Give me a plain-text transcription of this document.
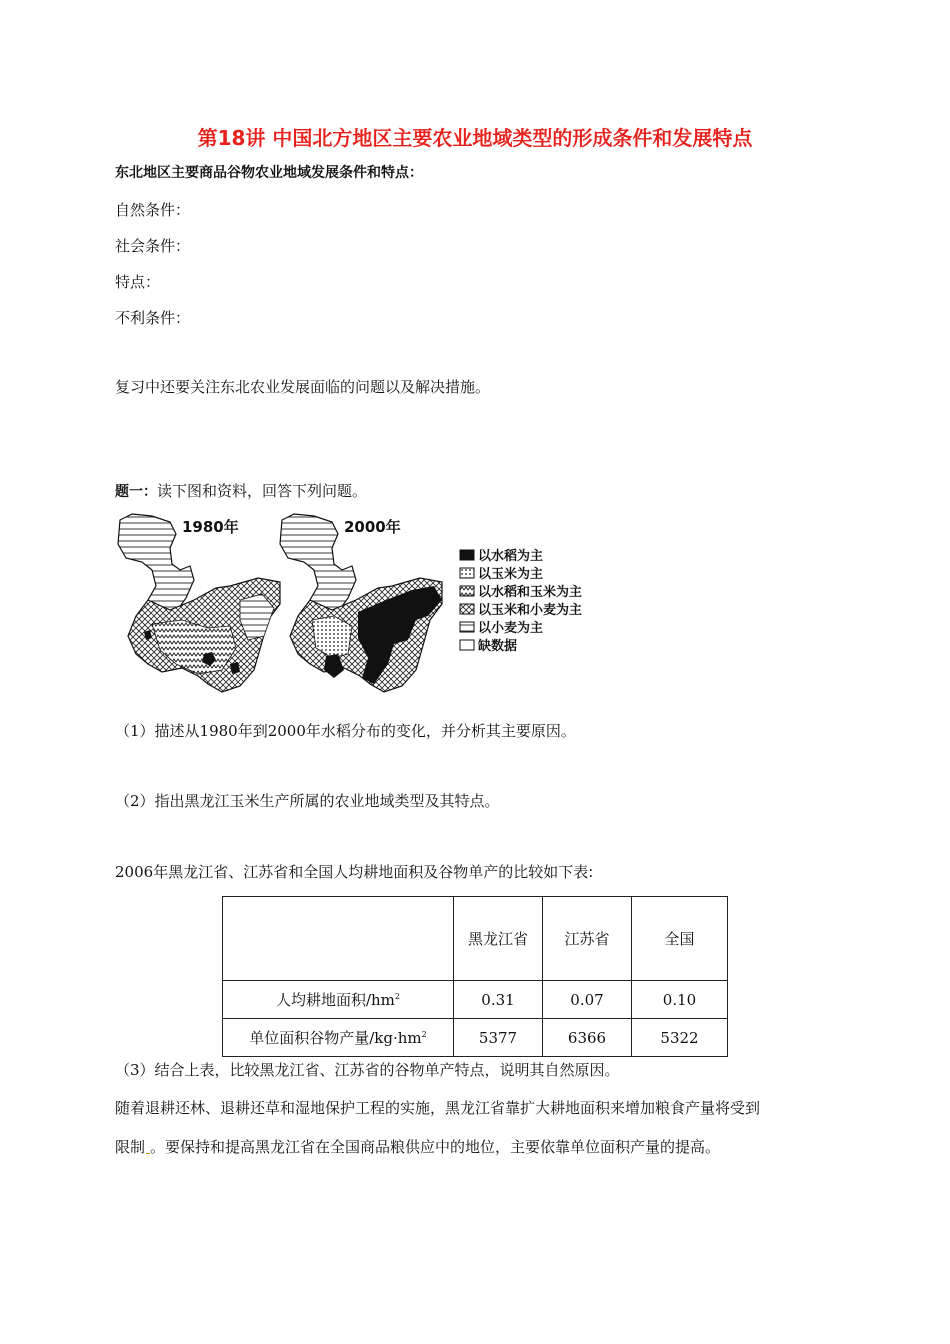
第18讲 中国北方地区主要农业地域类型的形成条件和发展特点
东北地区主要商品谷物农业地域发展条件和特点：
自然条件：
社会条件：
特点：
不利条件：
复习中还要关注东北农业发展面临的问题以及解决措施。
题一：读下图和资料，回答下列问题。
1980年	2000年
以水稻为主
以玉米为主
以水稻和玉米为主
以玉米和小麦为主
以小麦为主
缺数据
（1）描述从1980年到2000年水稻分布的变化，并分析其主要原因。
（2）指出黑龙江玉米生产所属的农业地域类型及其特点。
2006年黑龙江省、江苏省和全国人均耕地面积及谷物单产的比较如下表:
	黑龙江省	江苏省	全国
人均耕地面积$/hm^2$	0.31	0.07	0.10
单位面积谷物产量$/kg\cdot hm^2$	5377	6366	5322
（3）结合上表，比较黑龙江省、江苏省的谷物单产特点，说明其自然原因。
随着退耕还林、退耕还草和湿地保护工程的实施，黑龙江省靠扩大耕地面积来增加粮食产量将受到
限制 。要保持和提高黑龙江省在全国商品粮供应中的地位，主要依靠单位面积产量的提高。
